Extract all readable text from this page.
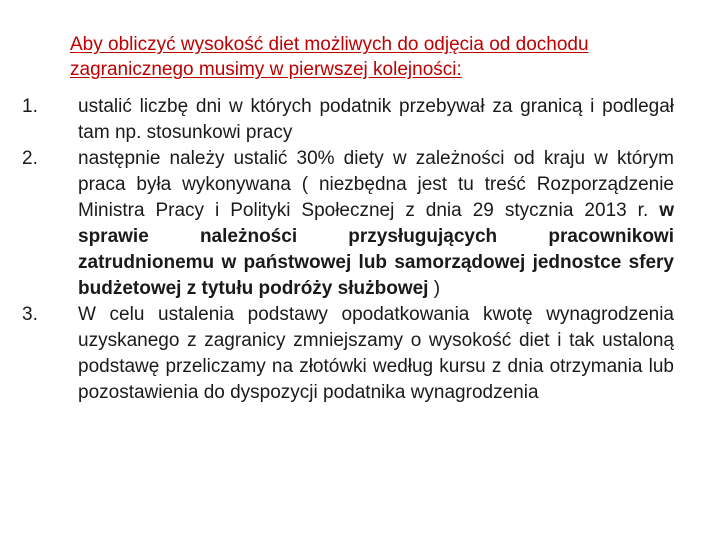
Aby obliczyć wysokość diet możliwych do odjęcia od dochodu zagranicznego musimy w pierwszej kolejności:
1.	ustalić liczbę dni w których podatnik przebywał za granicą i podlegał tam np. stosunkowi pracy
2.	następnie należy ustalić 30% diety w zależności od kraju w którym praca była wykonywana ( niezbędna jest tu treść Rozporządzenie Ministra Pracy i Polityki Społecznej z dnia 29 stycznia 2013 r. w sprawie należności przysługujących pracownikowi zatrudnionemu w państwowej lub samorządowej jednostce sfery budżetowej z tytułu podróży służbowej )
3.	W celu ustalenia podstawy opodatkowania kwotę wynagrodzenia uzyskanego z zagranicy zmniejszamy o wysokość diet i tak ustaloną podstawę przeliczamy na złotówki według kursu z dnia otrzymania lub pozostawienia do dyspozycji podatnika wynagrodzenia
